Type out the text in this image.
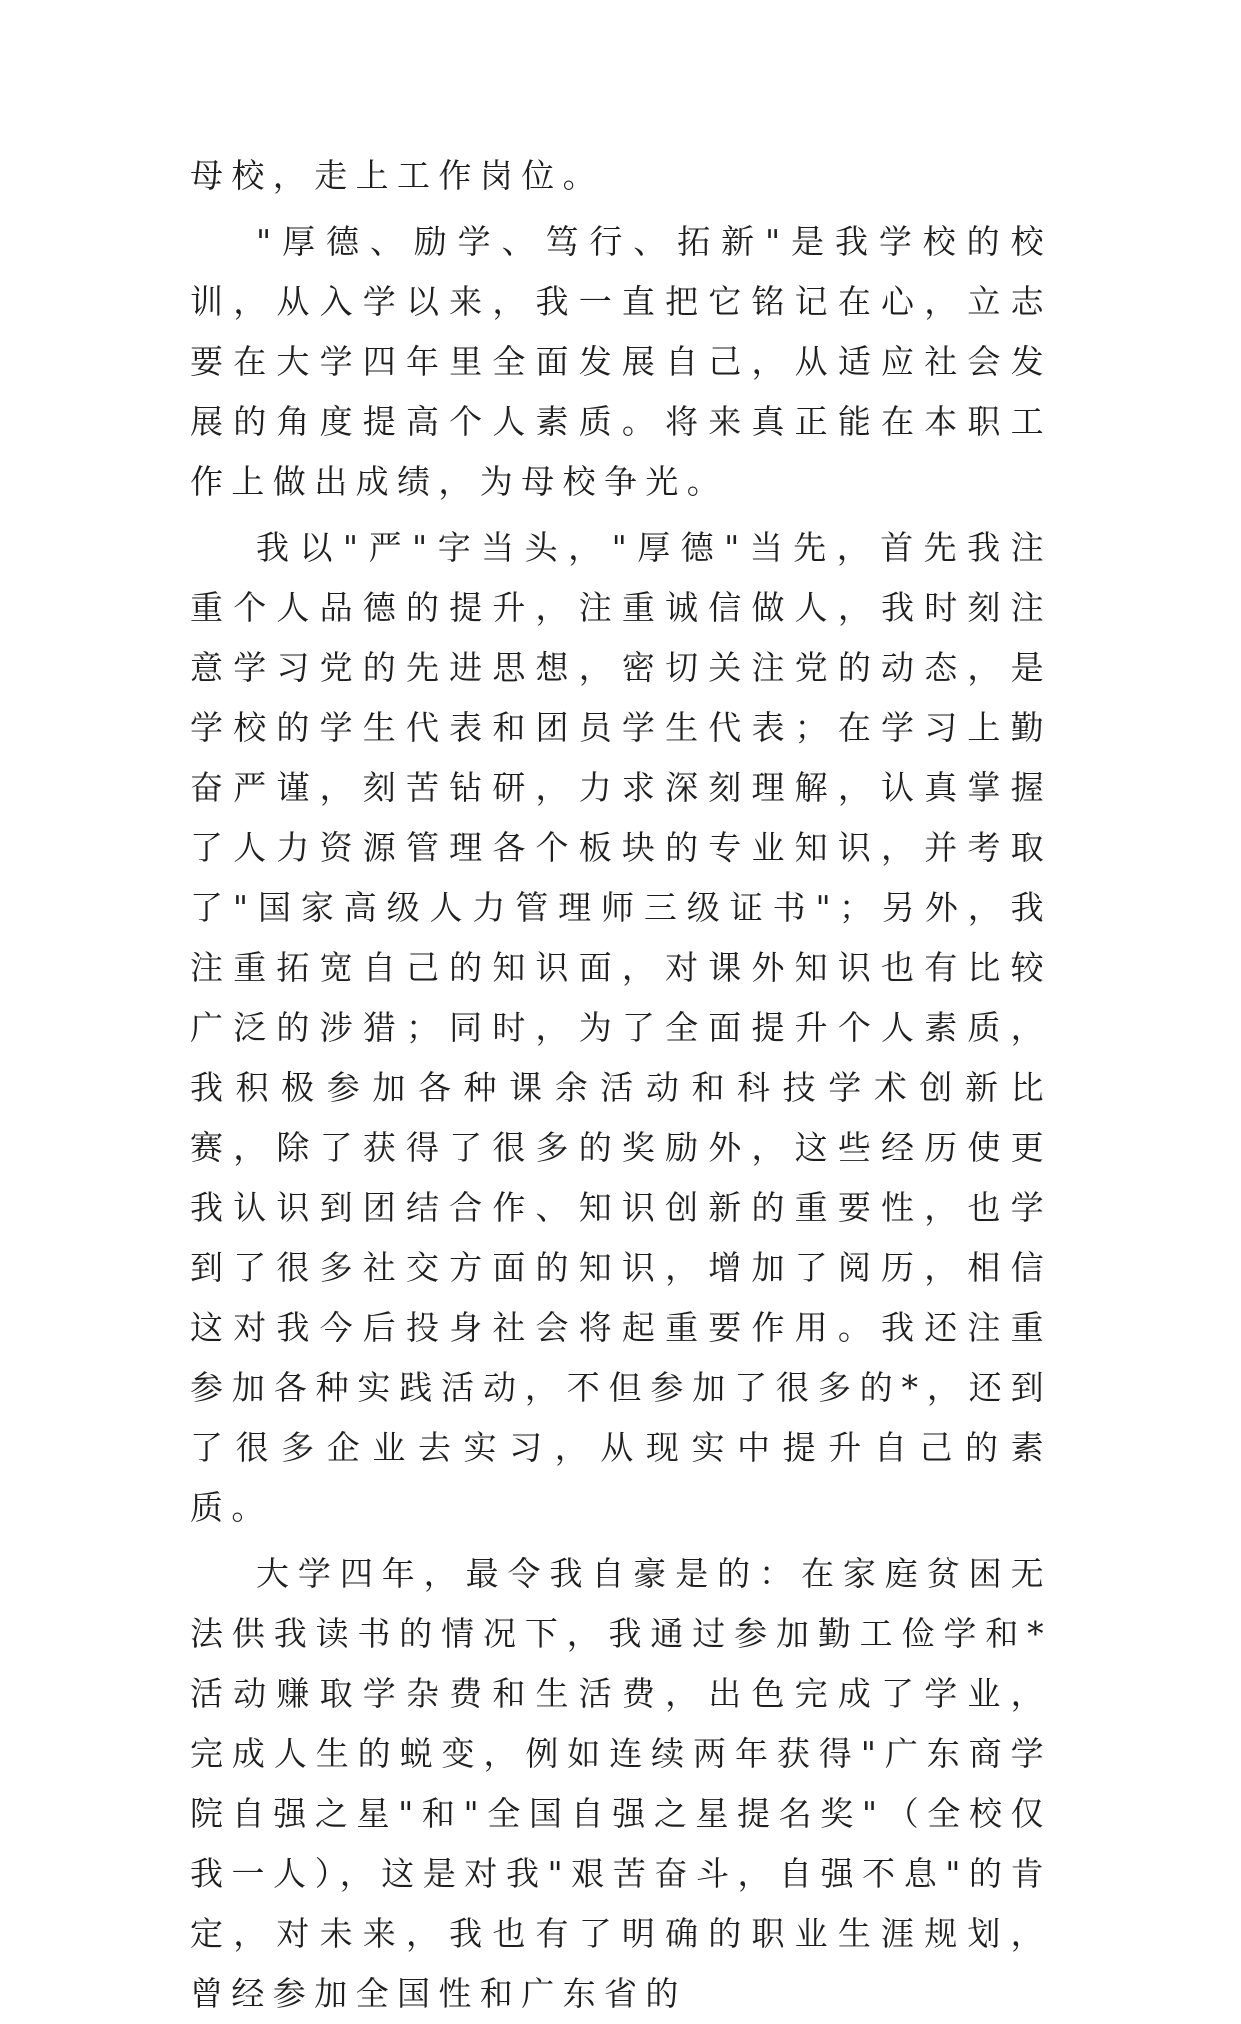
母校，走上工作岗位。

"厚德、励学、笃行、拓新"是我学校的校训，从入学以来，我一直把它铭记在心，立志要在大学四年里全面发展自己，从适应社会发展的角度提高个人素质。将来真正能在本职工作上做出成绩，为母校争光。

我以"严"字当头，"厚德"当先，首先我注重个人品德的提升，注重诚信做人，我时刻注意学习党的先进思想，密切关注党的动态，是学校的学生代表和团员学生代表；在学习上勤奋严谨，刻苦钻研，力求深刻理解，认真掌握了人力资源管理各个板块的专业知识，并考取了"国家高级人力管理师三级证书"；另外，我注重拓宽自己的知识面，对课外知识也有比较广泛的涉猎；同时，为了全面提升个人素质，我积极参加各种课余活动和科技学术创新比赛，除了获得了很多的奖励外，这些经历使更我认识到团结合作、知识创新的重要性，也学到了很多社交方面的知识，增加了阅历，相信这对我今后投身社会将起重要作用。我还注重参加各种实践活动，不但参加了很多的*，还到了很多企业去实习，从现实中提升自己的素质。

大学四年，最令我自豪是的：在家庭贫困无法供我读书的情况下，我通过参加勤工俭学和*活动赚取学杂费和生活费，出色完成了学业，完成人生的蜕变，例如连续两年获得"广东商学院自强之星"和"全国自强之星提名奖"（全校仅我一人），这是对我"艰苦奋斗，自强不息"的肯定，对未来，我也有了明确的职业生涯规划，曾经参加全国性和广东省的
